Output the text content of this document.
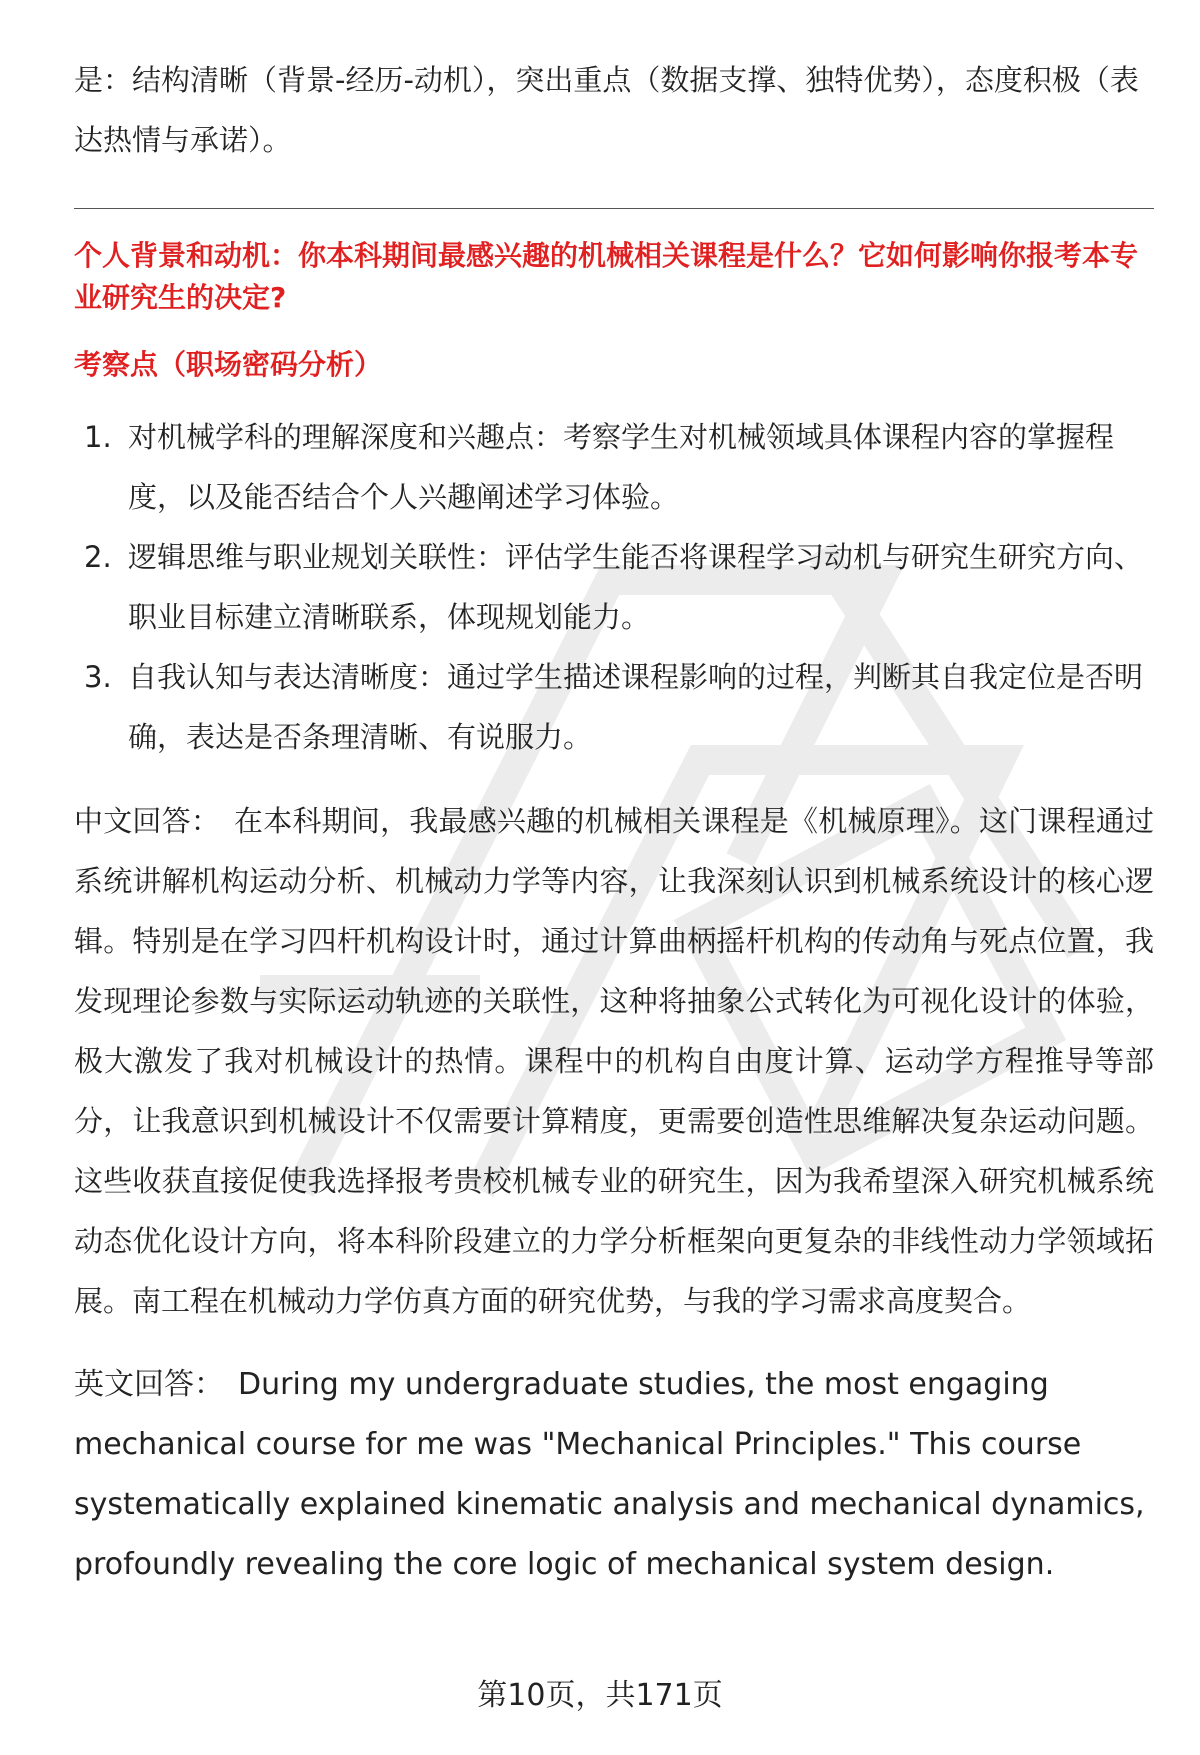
是：结构清晰（背景-经历-动机），突出重点（数据支撑、独特优势），态度积极（表达热情与承诺）。

个人背景和动机：你本科期间最感兴趣的机械相关课程是什么？它如何影响你报考本专业研究生的决定?

考察点（职场密码分析）

1. 对机械学科的理解深度和兴趣点：考察学生对机械领域具体课程内容的掌握程度，以及能否结合个人兴趣阐述学习体验。
2. 逻辑思维与职业规划关联性：评估学生能否将课程学习动机与研究生研究方向、职业目标建立清晰联系，体现规划能力。
3. 自我认知与表达清晰度：通过学生描述课程影响的过程，判断其自我定位是否明确，表达是否条理清晰、有说服力。

中文回答： 在本科期间，我最感兴趣的机械相关课程是《机械原理》。这门课程通过系统讲解机构运动分析、机械动力学等内容，让我深刻认识到机械系统设计的核心逻辑。特别是在学习四杆机构设计时，通过计算曲柄摇杆机构的传动角与死点位置，我发现理论参数与实际运动轨迹的关联性，这种将抽象公式转化为可视化设计的体验，极大激发了我对机械设计的热情。课程中的机构自由度计算、运动学方程推导等部分，让我意识到机械设计不仅需要计算精度，更需要创造性思维解决复杂运动问题。这些收获直接促使我选择报考贵校机械专业的研究生，因为我希望深入研究机械系统动态优化设计方向，将本科阶段建立的力学分析框架向更复杂的非线性动力学领域拓展。南工程在机械动力学仿真方面的研究优势，与我的学习需求高度契合。

英文回答： During my undergraduate studies, the most engaging mechanical course for me was "Mechanical Principles." This course systematically explained kinematic analysis and mechanical dynamics, profoundly revealing the core logic of mechanical system design.

第10页，共171页
